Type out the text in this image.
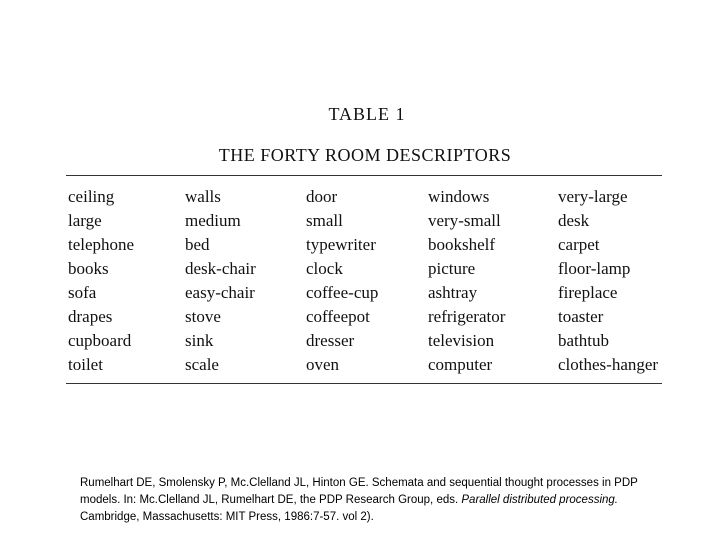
TABLE 1
THE FORTY ROOM DESCRIPTORS
ceiling	walls	door	windows	very-large
large	medium	small	very-small	desk
telephone	bed	typewriter	bookshelf	carpet
books	desk-chair	clock	picture	floor-lamp
sofa	easy-chair	coffee-cup	ashtray	fireplace
drapes	stove	coffeepot	refrigerator	toaster
cupboard	sink	dresser	television	bathtub
toilet	scale	oven	computer	clothes-hanger
Rumelhart DE, Smolensky P, Mc.Clelland JL, Hinton GE. Schemata and sequential thought processes in PDP models. In: Mc.Clelland JL, Rumelhart DE, the PDP Research Group, eds. Parallel distributed processing. Cambridge, Massachusetts: MIT Press, 1986:7-57. vol 2).
